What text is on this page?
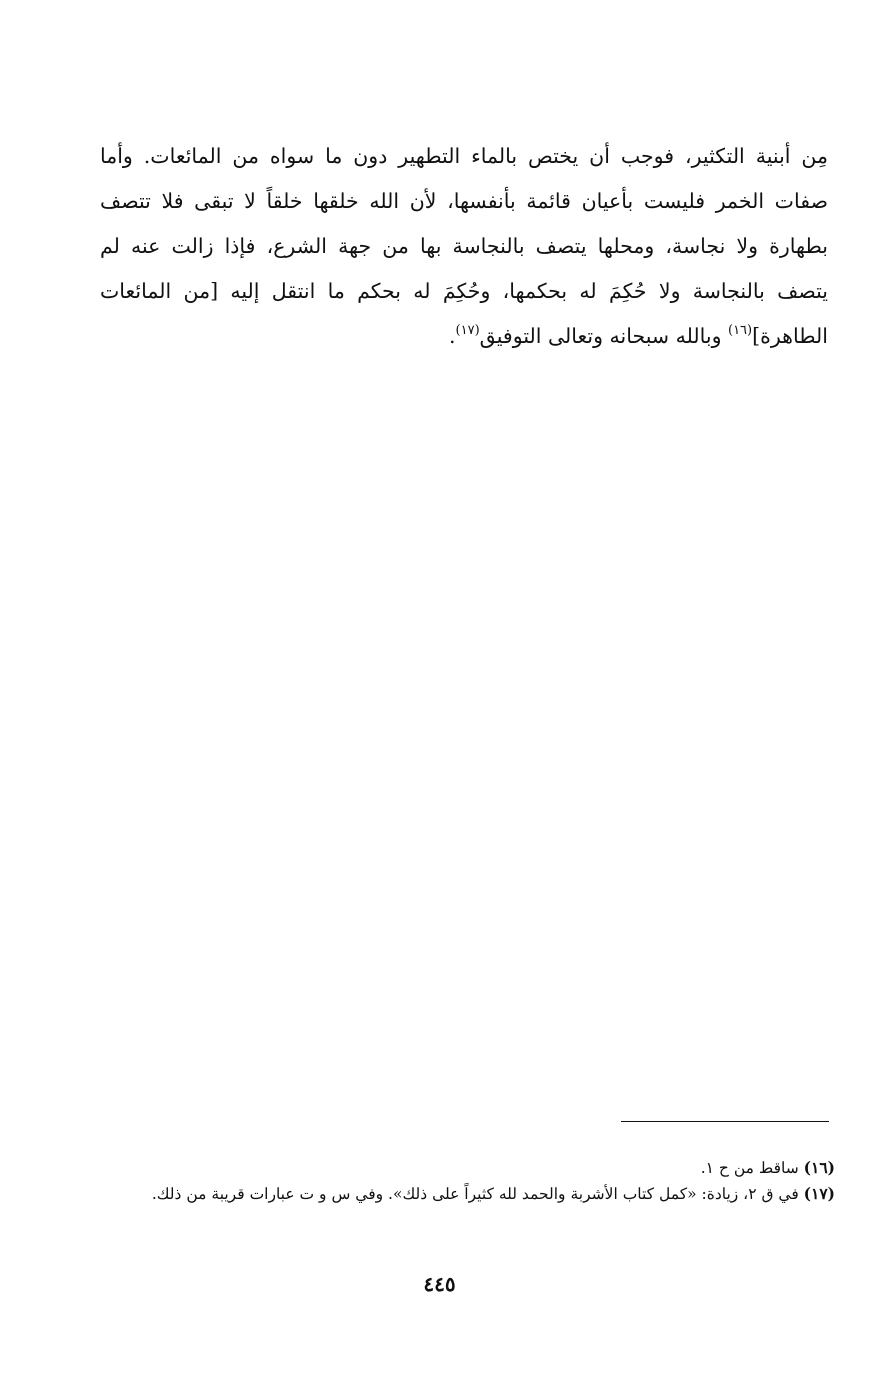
مِن أبنية التكثير، فوجب أن يختص بالماء التطهير دون ما سواه من المائعات. وأما
صفات الخمر فليست بأعيان قائمة بأنفسها، لأن الله خلقها خلقاً لا تبقى فلا تتصف
بطهارة ولا نجاسة، ومحلها يتصف بالنجاسة بها من جهة الشرع، فإذا زالت عنه لم
يتصف بالنجاسة ولا حُكِمَ له بحكمها، وحُكِمَ له بحكم ما انتقل إليه [من المائعات
الطاهرة]$^{(١٦)}$ وبالله سبحانه وتعالى التوفيق$^{(١٧)}$.
(١٦) ساقط من ح ١.
(١٧) في ق ٢، زيادة: «كمل كتاب الأشربة والحمد لله كثيراً على ذلك». وفي س و ت عبارات قريبة من ذلك.
٤٤٥
